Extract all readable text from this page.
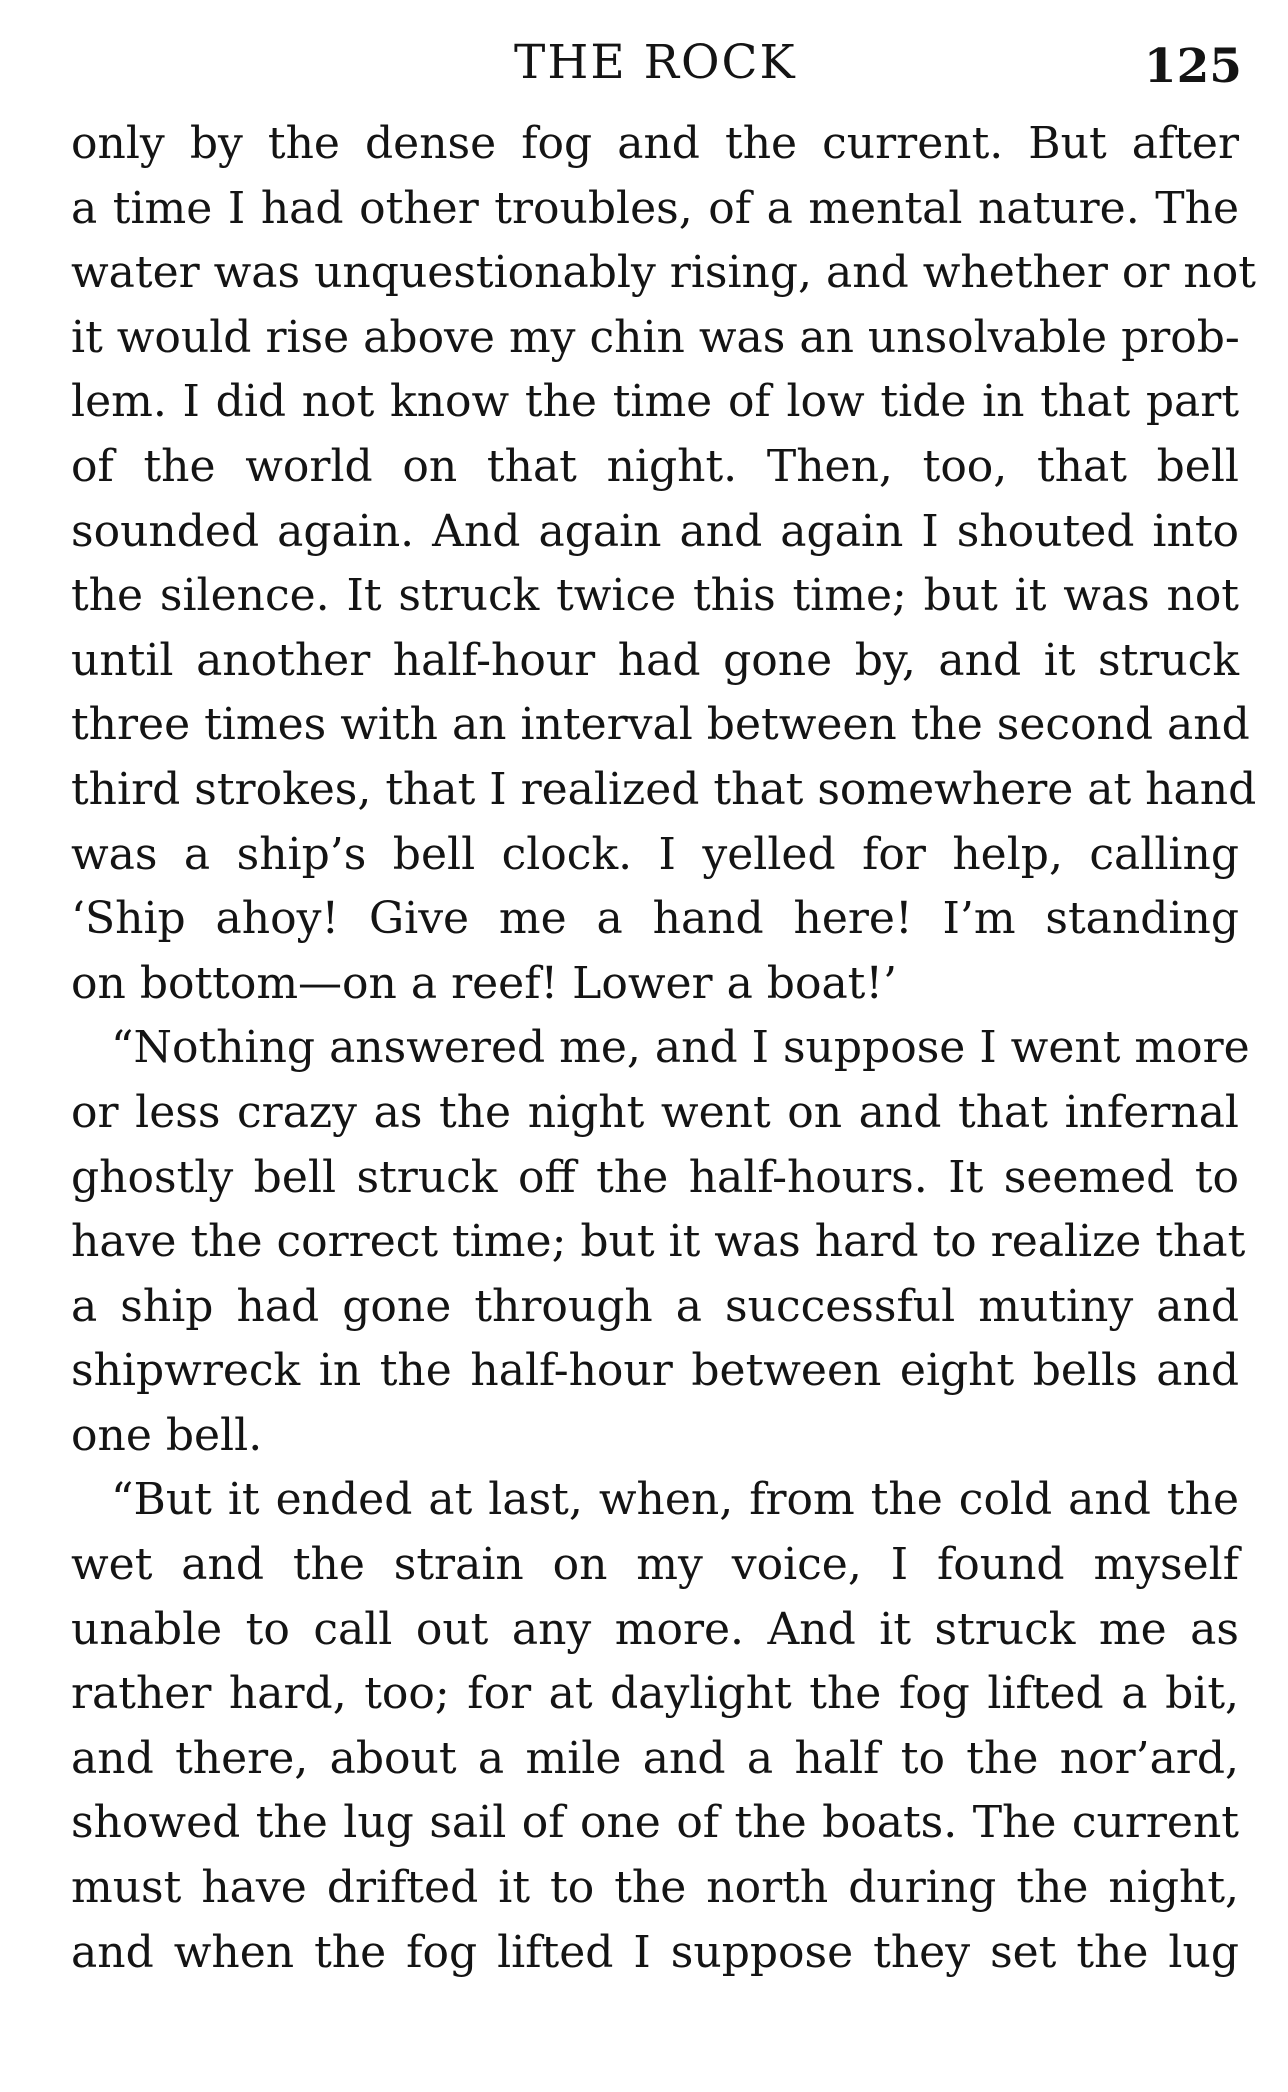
THE ROCK	125
only by the dense fog and the current. But after
a time I had other troubles, of a mental nature. The
water was unquestionably rising, and whether or not
it would rise above my chin was an unsolvable prob-
lem. I did not know the time of low tide in that part
of the world on that night. Then, too, that bell
sounded again. And again and again I shouted into
the silence. It struck twice this time; but it was not
until another half-hour had gone by, and it struck
three times with an interval between the second and
third strokes, that I realized that somewhere at hand
was a ship’s bell clock. I yelled for help, calling
‘Ship ahoy! Give me a hand here! I’m standing
on bottom—on a reef! Lower a boat!’
“Nothing answered me, and I suppose I went more
or less crazy as the night went on and that infernal
ghostly bell struck off the half-hours. It seemed to
have the correct time; but it was hard to realize that
a ship had gone through a successful mutiny and
shipwreck in the half-hour between eight bells and
one bell.
“But it ended at last, when, from the cold and the
wet and the strain on my voice, I found myself
unable to call out any more. And it struck me as
rather hard, too; for at daylight the fog lifted a bit,
and there, about a mile and a half to the nor’ard,
showed the lug sail of one of the boats. The current
must have drifted it to the north during the night,
and when the fog lifted I suppose they set the lug
